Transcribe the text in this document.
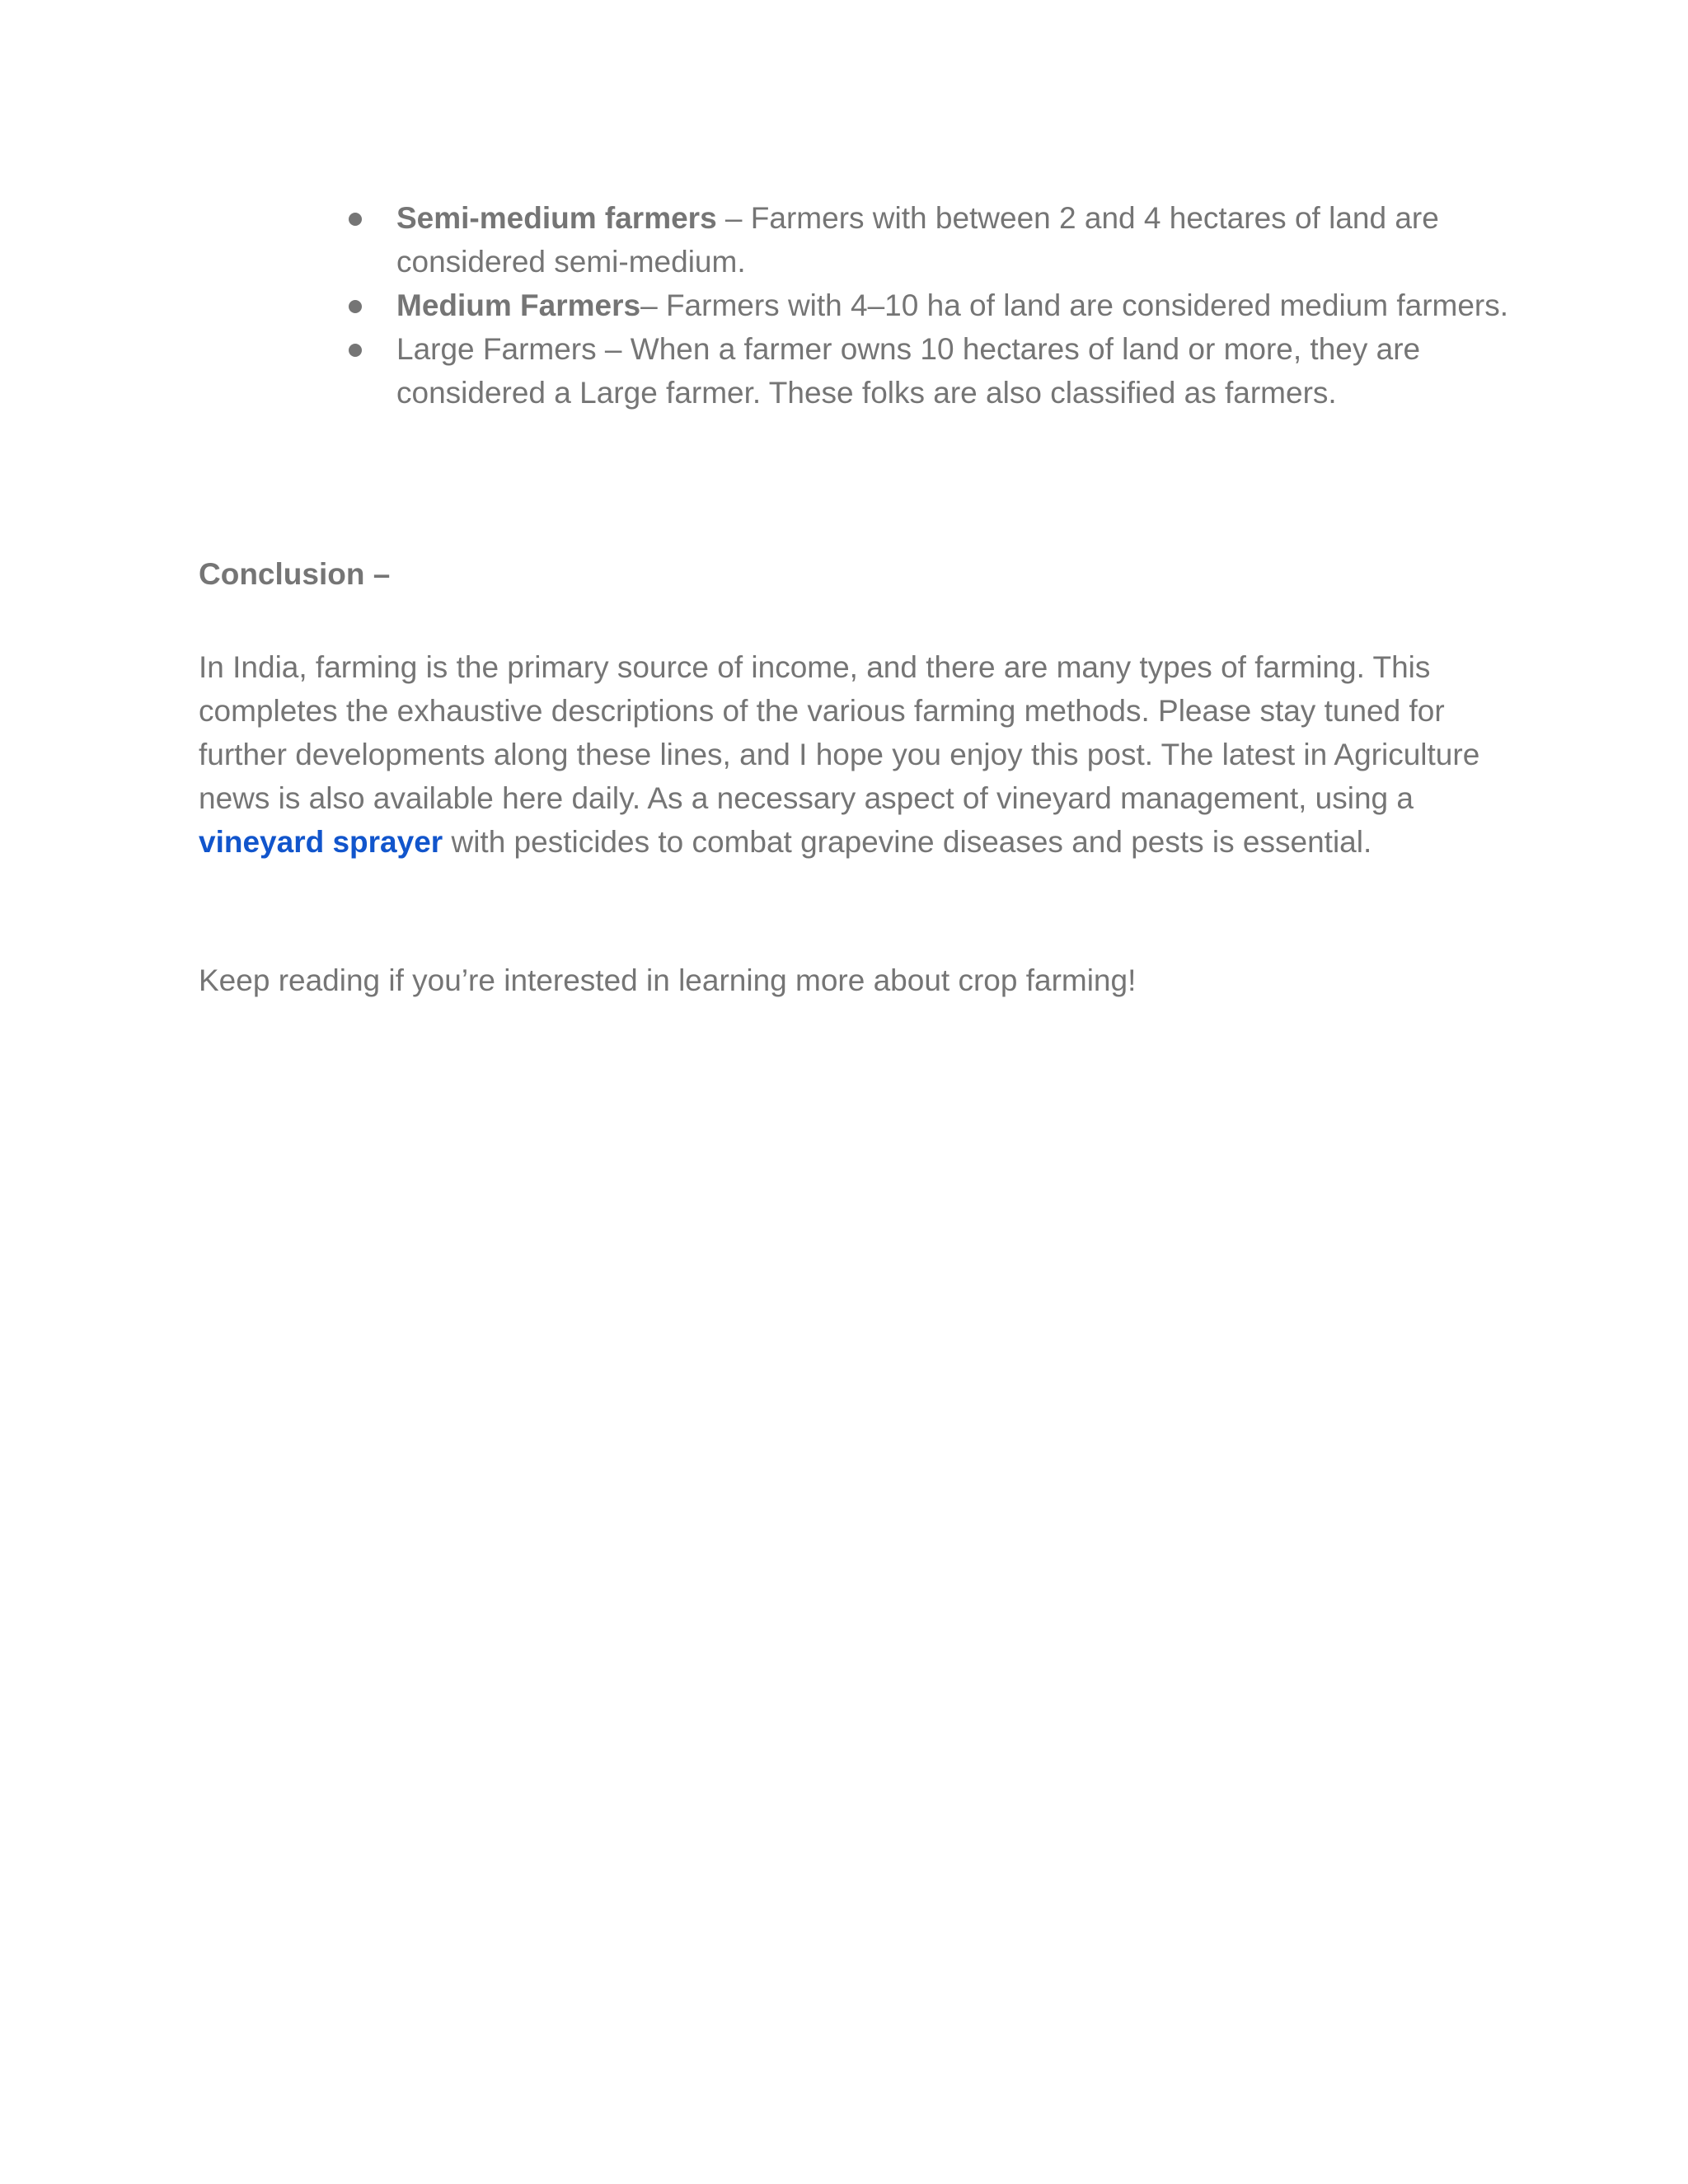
Semi-medium farmers – Farmers with between 2 and 4 hectares of land are considered semi-medium.
Medium Farmers– Farmers with 4–10 ha of land are considered medium farmers.
Large Farmers – When a farmer owns 10 hectares of land or more, they are considered a Large farmer. These folks are also classified as farmers.
Conclusion –

In India, farming is the primary source of income, and there are many types of farming. This completes the exhaustive descriptions of the various farming methods. Please stay tuned for further developments along these lines, and I hope you enjoy this post. The latest in Agriculture news is also available here daily. As a necessary aspect of vineyard management, using a vineyard sprayer with pesticides to combat grapevine diseases and pests is essential.

Keep reading if you’re interested in learning more about crop farming!
